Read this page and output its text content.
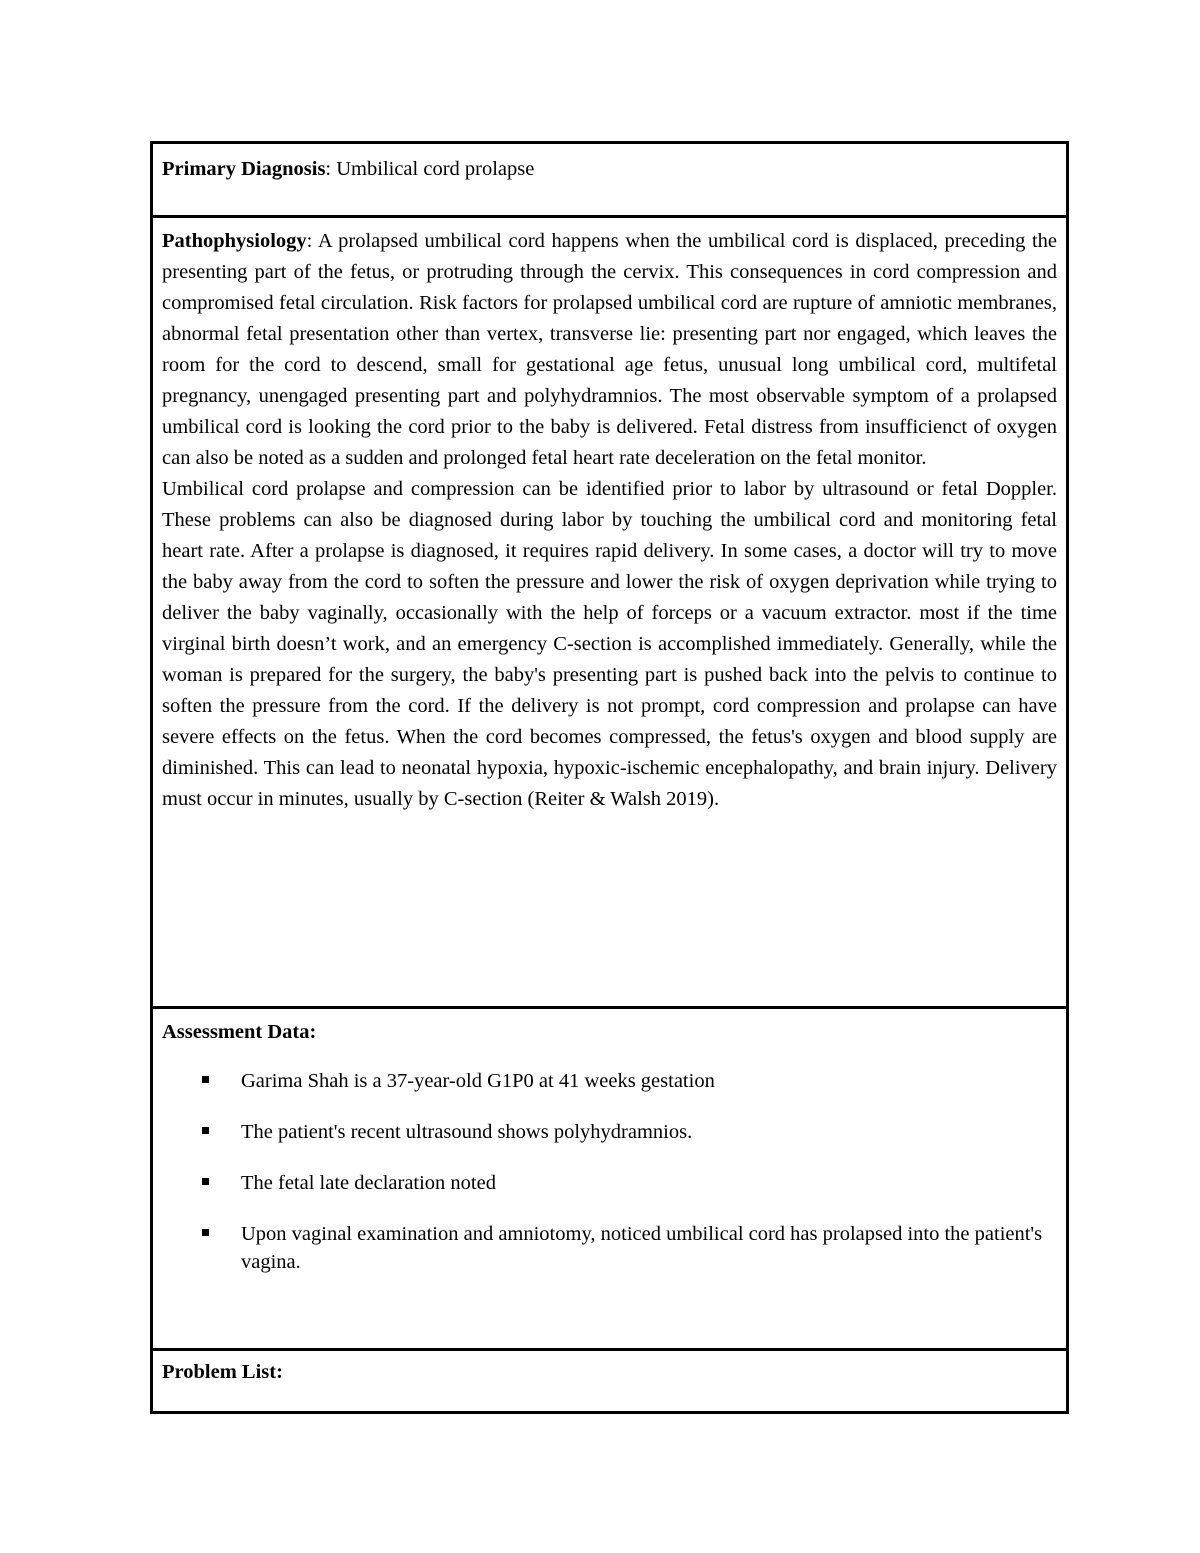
Primary Diagnosis: Umbilical cord prolapse

Pathophysiology: A prolapsed umbilical cord happens when the umbilical cord is displaced, preceding the presenting part of the fetus, or protruding through the cervix. This consequences in cord compression and compromised fetal circulation. Risk factors for prolapsed umbilical cord are rupture of amniotic membranes, abnormal fetal presentation other than vertex, transverse lie: presenting part nor engaged, which leaves the room for the cord to descend, small for gestational age fetus, unusual long umbilical cord, multifetal pregnancy, unengaged presenting part and polyhydramnios. The most observable symptom of a prolapsed umbilical cord is looking the cord prior to the baby is delivered. Fetal distress from insufficienct of oxygen can also be noted as a sudden and prolonged fetal heart rate deceleration on the fetal monitor.

Umbilical cord prolapse and compression can be identified prior to labor by ultrasound or fetal Doppler. These problems can also be diagnosed during labor by touching the umbilical cord and monitoring fetal heart rate. After a prolapse is diagnosed, it requires rapid delivery. In some cases, a doctor will try to move the baby away from the cord to soften the pressure and lower the risk of oxygen deprivation while trying to deliver the baby vaginally, occasionally with the help of forceps or a vacuum extractor. most if the time virginal birth doesn’t work, and an emergency C-section is accomplished immediately. Generally, while the woman is prepared for the surgery, the baby's presenting part is pushed back into the pelvis to continue to soften the pressure from the cord. If the delivery is not prompt, cord compression and prolapse can have severe effects on the fetus. When the cord becomes compressed, the fetus's oxygen and blood supply are diminished. This can lead to neonatal hypoxia, hypoxic-ischemic encephalopathy, and brain injury. Delivery must occur in minutes, usually by C-section (Reiter & Walsh 2019).

Assessment Data:
Garima Shah is a 37-year-old G1P0 at 41 weeks gestation
The patient's recent ultrasound shows polyhydramnios.
The fetal late declaration noted
Upon vaginal examination and amniotomy, noticed umbilical cord has prolapsed into the patient's vagina.
Problem List:
